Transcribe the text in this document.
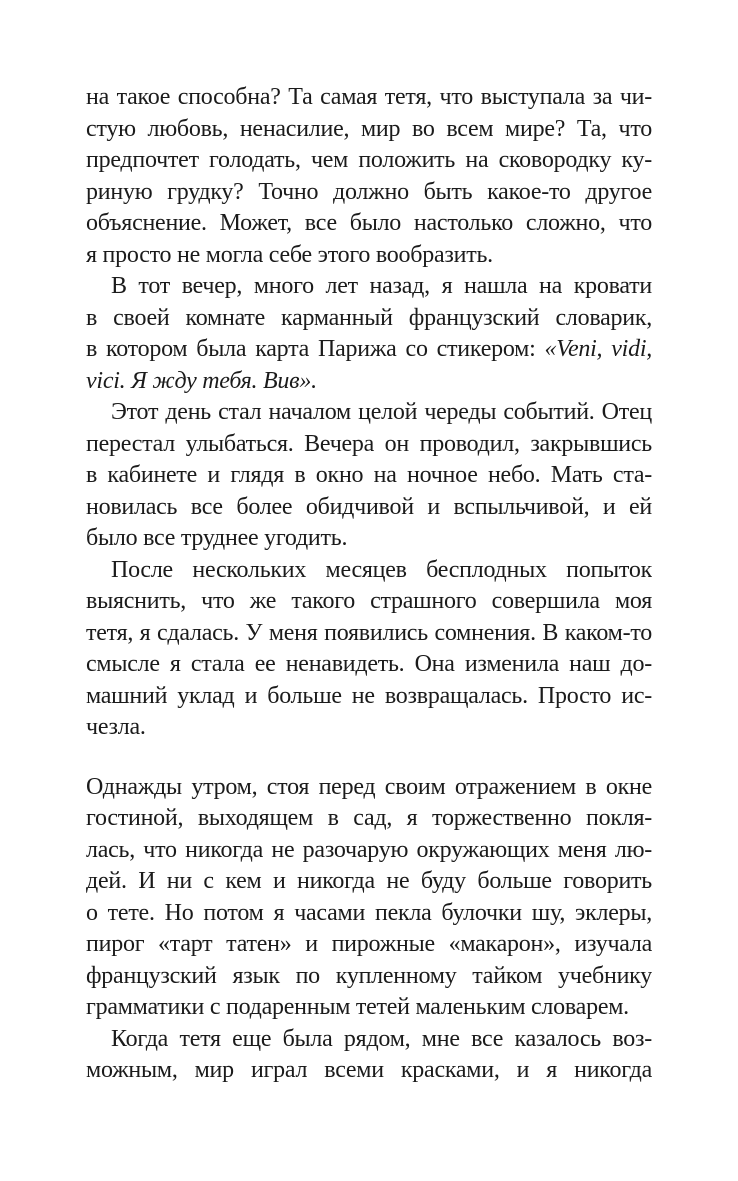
на такое способна? Та самая тетя, что выступала за чи-
стую любовь, ненасилие, мир во всем мире? Та, что
предпочтет голодать, чем положить на сковородку ку-
риную грудку? Точно должно быть какое-то другое
объяснение. Может, все было настолько сложно, что
я просто не могла себе этого вообразить.
В тот вечер, много лет назад, я нашла на кровати
в своей комнате карманный французский словарик,
в котором была карта Парижа со стикером: «Veni, vidi,
vici. Я жду тебя. Вив».
Этот день стал началом целой череды событий. Отец
перестал улыбаться. Вечера он проводил, закрывшись
в кабинете и глядя в окно на ночное небо. Мать ста-
новилась все более обидчивой и вспыльчивой, и ей
было все труднее угодить.
После нескольких месяцев бесплодных попыток
выяснить, что же такого страшного совершила моя
тетя, я сдалась. У меня появились сомнения. В каком-то
смысле я стала ее ненавидеть. Она изменила наш до-
машний уклад и больше не возвращалась. Просто ис-
чезла.
Однажды утром, стоя перед своим отражением в окне
гостиной, выходящем в сад, я торжественно покля-
лась, что никогда не разочарую окружающих меня лю-
дей. И ни с кем и никогда не буду больше говорить
о тете. Но потом я часами пекла булочки шу, эклеры,
пирог «тарт татен» и пирожные «макарон», изучала
французский язык по купленному тайком учебнику
грамматики с подаренным тетей маленьким словарем.
Когда тетя еще была рядом, мне все казалось воз-
можным, мир играл всеми красками, и я никогда
